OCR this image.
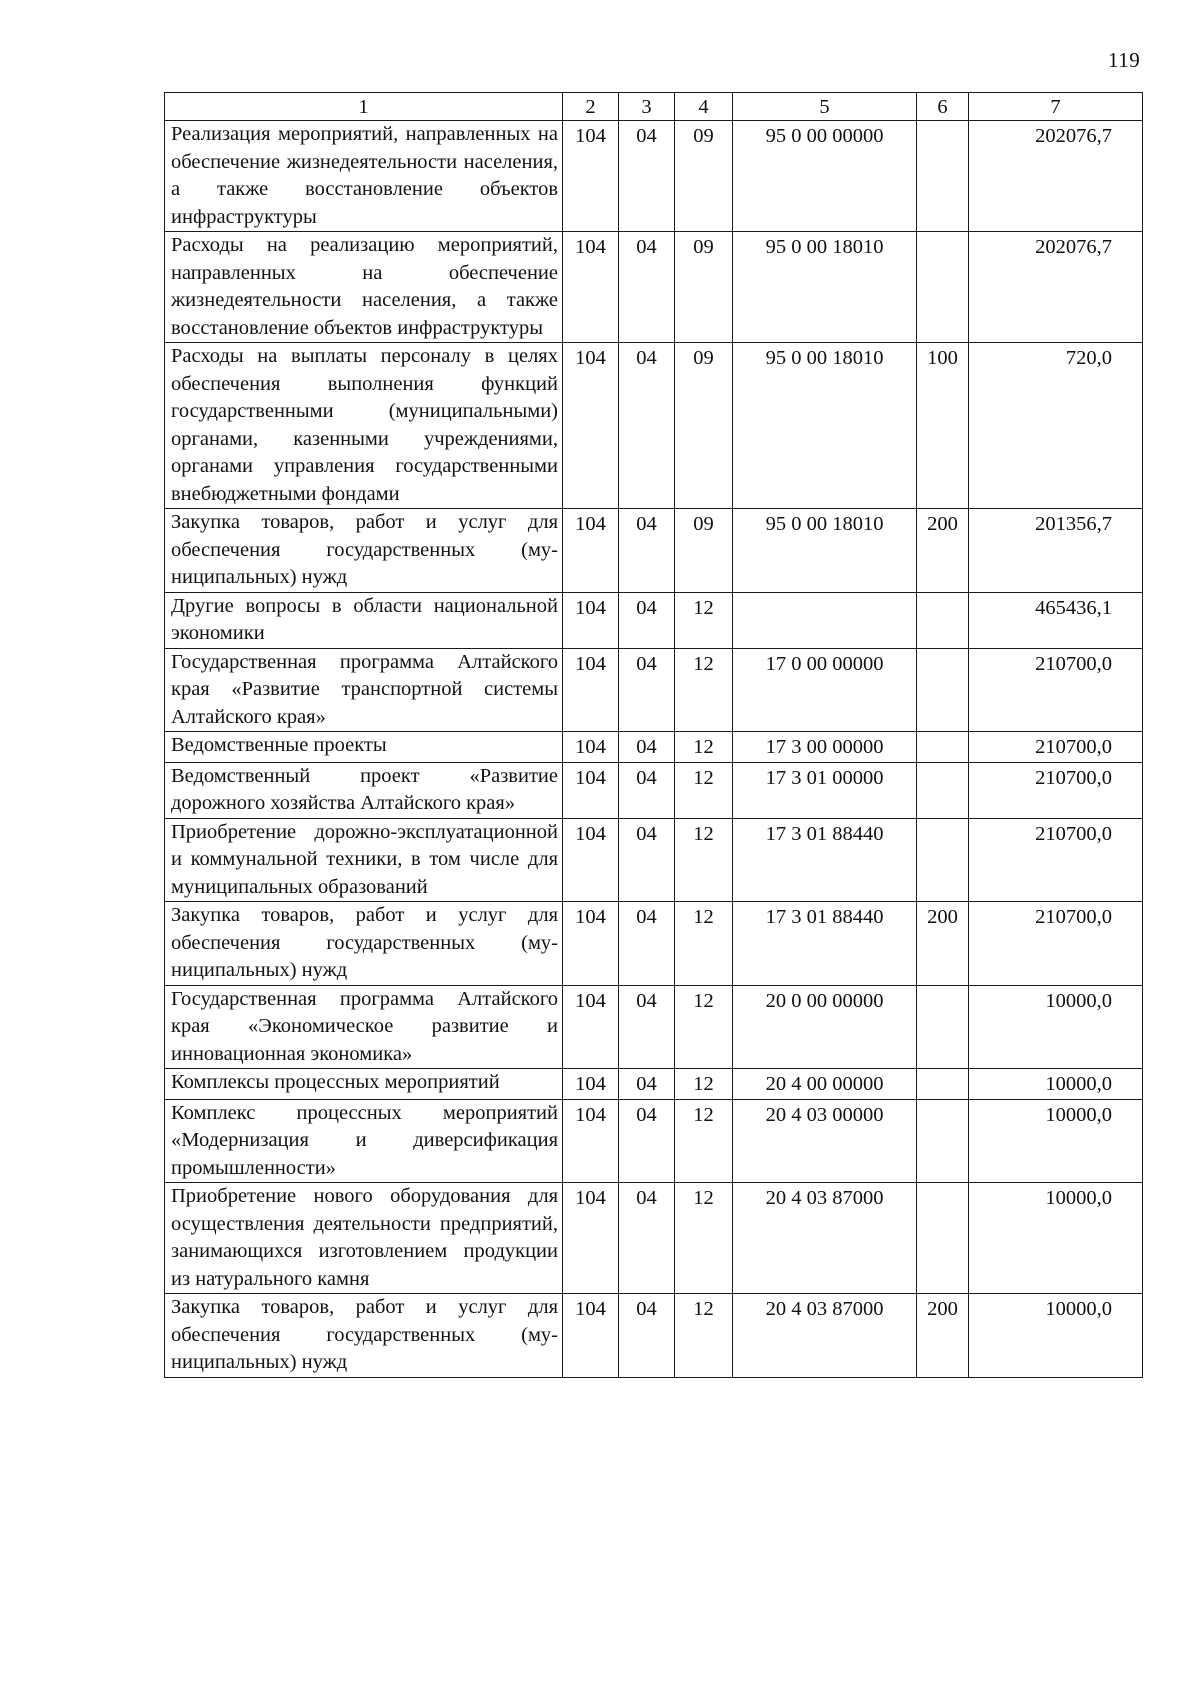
119
1	2	3	4	5	6	7
Реализация мероприятий, направленных на обеспечение жизнедеятельности населения, а также восстановление объектов инфраструктуры	104	04	09	95 0 00 00000		202076,7
Расходы на реализацию мероприятий, направленных на обеспечение жизнедеятельности населения, а также восстановление объектов инфраструктуры	104	04	09	95 0 00 18010		202076,7
Расходы на выплаты персоналу в целях обеспечения выполнения функций государственными (муниципальными) органами, казенными учреждениями, органами управления государственными внебюджетными фондами	104	04	09	95 0 00 18010	100	720,0
Закупка товаров, работ и услуг для обеспечения государственных (муниципальных) нужд	104	04	09	95 0 00 18010	200	201356,7
Другие вопросы в области национальной экономики	104	04	12			465436,1
Государственная программа Алтайского края «Развитие транспортной системы Алтайского края»	104	04	12	17 0 00 00000		210700,0
Ведомственные проекты	104	04	12	17 3 00 00000		210700,0
Ведомственный проект «Развитие дорожного хозяйства Алтайского края»	104	04	12	17 3 01 00000		210700,0
Приобретение дорожно-эксплуатационной и коммунальной техники, в том числе для муниципальных образований	104	04	12	17 3 01 88440		210700,0
Закупка товаров, работ и услуг для обеспечения государственных (муниципальных) нужд	104	04	12	17 3 01 88440	200	210700,0
Государственная программа Алтайского края «Экономическое развитие и инновационная экономика»	104	04	12	20 0 00 00000		10000,0
Комплексы процессных мероприятий	104	04	12	20 4 00 00000		10000,0
Комплекс процессных мероприятий «Модернизация и диверсификация промышленности»	104	04	12	20 4 03 00000		10000,0
Приобретение нового оборудования для осуществления деятельности предприятий, занимающихся изготовлением продукции из натурального камня	104	04	12	20 4 03 87000		10000,0
Закупка товаров, работ и услуг для обеспечения государственных (муниципальных) нужд	104	04	12	20 4 03 87000	200	10000,0
